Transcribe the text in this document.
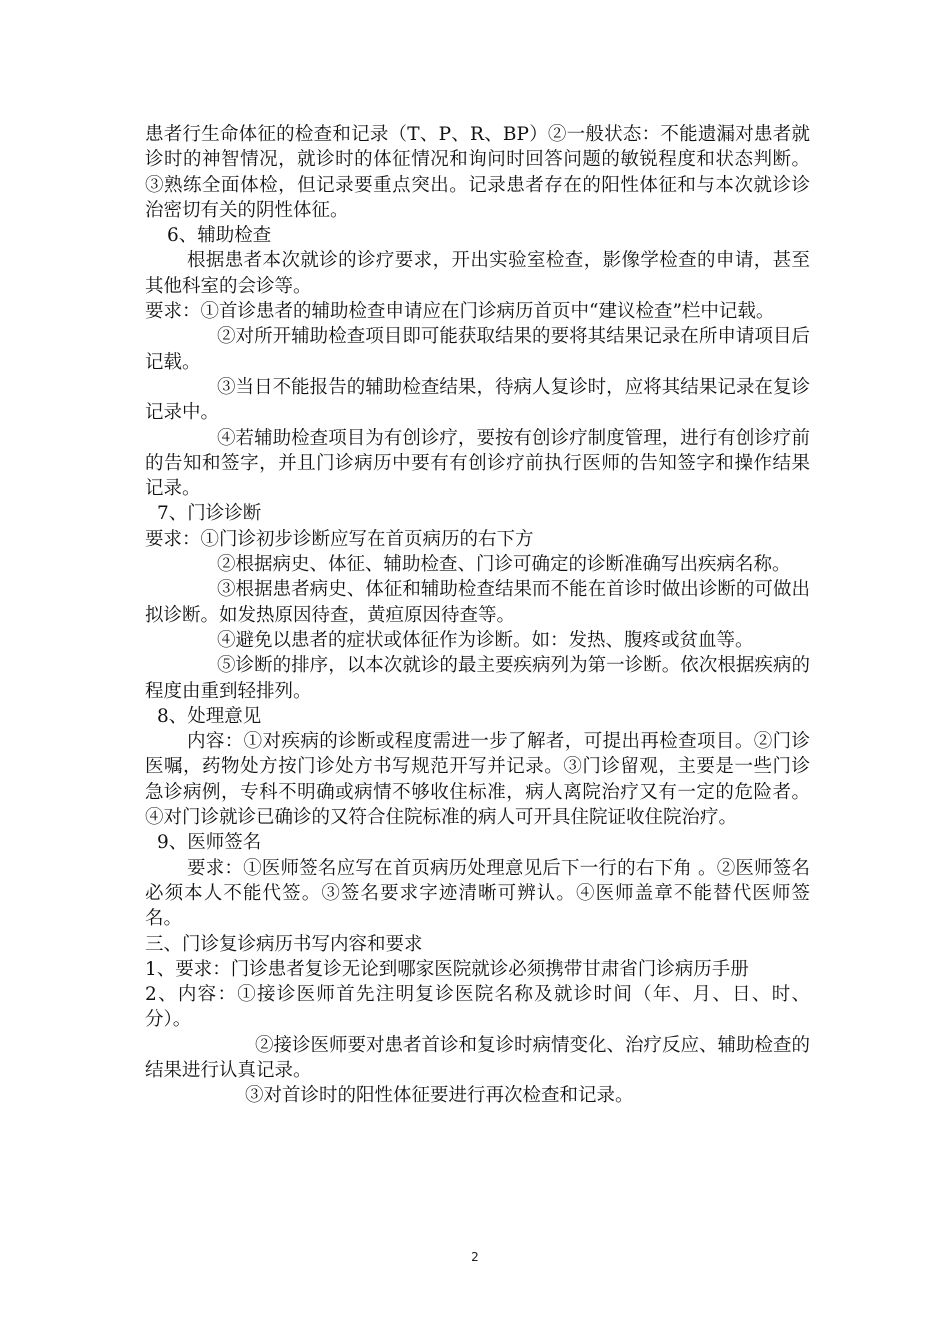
患者行生命体征的检查和记录（T、P、R、BP）②一般状态：不能遗漏对患者就诊时的神智情况，就诊时的体征情况和询问时回答问题的敏锐程度和状态判断。③熟练全面体检，但记录要重点突出。记录患者存在的阳性体征和与本次就诊诊治密切有关的阴性体征。

6、辅助检查

根据患者本次就诊的诊疗要求，开出实验室检查，影像学检查的申请，甚至其他科室的会诊等。

要求：①首诊患者的辅助检查申请应在门诊病历首页中“建议检查”栏中记载。

②对所开辅助检查项目即可能获取结果的要将其结果记录在所申请项目后记载。

③当日不能报告的辅助检查结果，待病人复诊时，应将其结果记录在复诊记录中。

④若辅助检查项目为有创诊疗，要按有创诊疗制度管理，进行有创诊疗前的告知和签字，并且门诊病历中要有有创诊疗前执行医师的告知签字和操作结果记录。

7、门诊诊断

要求：①门诊初步诊断应写在首页病历的右下方

②根据病史、体征、辅助检查、门诊可确定的诊断准确写出疾病名称。

③根据患者病史、体征和辅助检查结果而不能在首诊时做出诊断的可做出拟诊断。如发热原因待查，黄疸原因待查等。

④避免以患者的症状或体征作为诊断。如：发热、腹疼或贫血等。

⑤诊断的排序，以本次就诊的最主要疾病列为第一诊断。依次根据疾病的程度由重到轻排列。

8、处理意见

内容：①对疾病的诊断或程度需进一步了解者，可提出再检查项目。②门诊医嘱，药物处方按门诊处方书写规范开写并记录。③门诊留观，主要是一些门诊急诊病例，专科不明确或病情不够收住标准，病人离院治疗又有一定的危险者。④对门诊就诊已确诊的又符合住院标准的病人可开具住院证收住院治疗。

9、医师签名

要求：①医师签名应写在首页病历处理意见后下一行的右下角 。②医师签名必须本人不能代签。③签名要求字迹清晰可辨认。④医师盖章不能替代医师签名。

三、门诊复诊病历书写内容和要求

1、要求：门诊患者复诊无论到哪家医院就诊必须携带甘肃省门诊病历手册

2、内容：①接诊医师首先注明复诊医院名称及就诊时间（年、月、日、时、分）。

②接诊医师要对患者首诊和复诊时病情变化、治疗反应、辅助检查的结果进行认真记录。

③对首诊时的阳性体征要进行再次检查和记录。

2
